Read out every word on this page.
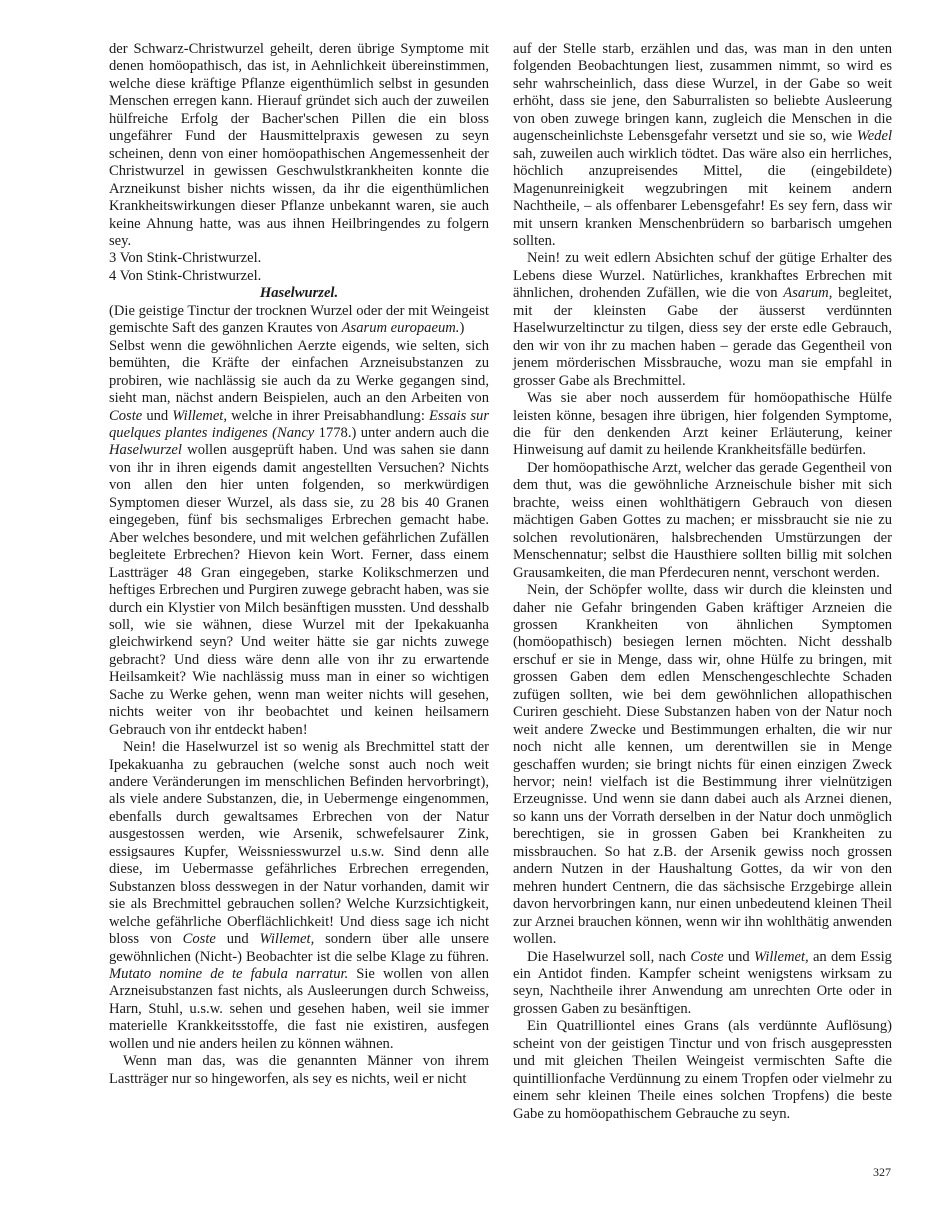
der Schwarz-Christwurzel geheilt, deren übrige Symptome mit denen homöopathisch, das ist, in Aehnlichkeit übereinstimmen, welche diese kräftige Pflanze eigenthümlich selbst in gesunden Menschen erregen kann. Hierauf gründet sich auch der zuweilen hülfreiche Erfolg der Bacher'schen Pillen die ein bloss ungefährer Fund der Hausmittelpraxis gewesen zu seyn scheinen, denn von einer homöopathischen Angemessenheit der Christwurzel in gewissen Geschwulstkrankheiten konnte die Arzneikunst bisher nichts wissen, da ihr die eigenthümlichen Krankheitswirkungen dieser Pflanze unbekannt waren, sie auch keine Ahnung hatte, was aus ihnen Heilbringendes zu folgern sey.

3 Von Stink-Christwurzel.

4 Von Stink-Christwurzel.

Haselwurzel.

(Die geistige Tinctur der trocknen Wurzel oder der mit Weingeist gemischte Saft des ganzen Krautes von Asarum europaeum.)

Selbst wenn die gewöhnlichen Aerzte eigends, wie selten, sich bemühten, die Kräfte der einfachen Arzneisubstanzen zu probiren, wie nachlässig sie auch da zu Werke gegangen sind, sieht man, nächst andern Beispielen, auch an den Arbeiten von Coste und Willemet, welche in ihrer Preisabhandlung: Essais sur quelques plantes indigenes (Nancy 1778.) unter andern auch die Haselwurzel wollen ausgeprüft haben. Und was sahen sie dann von ihr in ihren eigends damit angestellten Versuchen? Nichts von allen den hier unten folgenden, so merkwürdigen Symptomen dieser Wurzel, als dass sie, zu 28 bis 40 Granen eingegeben, fünf bis sechsmaliges Erbrechen gemacht habe. Aber welches besondere, und mit welchen gefährlichen Zufällen begleitete Erbrechen? Hievon kein Wort. Ferner, dass einem Lastträger 48 Gran eingegeben, starke Kolikschmerzen und heftiges Erbrechen und Purgiren zuwege gebracht haben, was sie durch ein Klystier von Milch besänftigen mussten. Und desshalb soll, wie sie wähnen, diese Wurzel mit der Ipekakuanha gleichwirkend seyn? Und weiter hätte sie gar nichts zuwege gebracht? Und diess wäre denn alle von ihr zu erwartende Heilsamkeit? Wie nachlässig muss man in einer so wichtigen Sache zu Werke gehen, wenn man weiter nichts will gesehen, nichts weiter von ihr beobachtet und keinen heilsamern Gebrauch von ihr entdeckt haben!

Nein! die Haselwurzel ist so wenig als Brechmittel statt der Ipekakuanha zu gebrauchen (welche sonst auch noch weit andere Veränderungen im menschlichen Befinden hervorbringt), als viele andere Substanzen, die, in Uebermenge eingenommen, ebenfalls durch gewaltsames Erbrechen von der Natur ausgestossen werden, wie Arsenik, schwefelsaurer Zink, essigsaures Kupfer, Weissniesswurzel u.s.w. Sind denn alle diese, im Uebermasse gefährliches Erbrechen erregenden, Substanzen bloss desswegen in der Natur vorhanden, damit wir sie als Brechmittel gebrauchen sollen? Welche Kurzsichtigkeit, welche gefährliche Oberflächlichkeit! Und diess sage ich nicht bloss von Coste und Willemet, sondern über alle unsere gewöhnlichen (Nicht-) Beobachter ist die selbe Klage zu führen. Mutato nomine de te fabula narratur. Sie wollen von allen Arzneisubstanzen fast nichts, als Ausleerungen durch Schweiss, Harn, Stuhl, u.s.w. sehen und gesehen haben, weil sie immer materielle Krankkeitsstoffe, die fast nie existiren, ausfegen wollen und nie anders heilen zu können wähnen.

Wenn man das, was die genannten Männer von ihrem Lastträger nur so hingeworfen, als sey es nichts, weil er nicht

auf der Stelle starb, erzählen und das, was man in den unten folgenden Beobachtungen liest, zusammen nimmt, so wird es sehr wahrscheinlich, dass diese Wurzel, in der Gabe so weit erhöht, dass sie jene, den Saburralisten so beliebte Ausleerung von oben zuwege bringen kann, zugleich die Menschen in die augenscheinlichste Lebensgefahr versetzt und sie so, wie Wedel sah, zuweilen auch wirklich tödtet. Das wäre also ein herrliches, höchlich anzupreisendes Mittel, die (eingebildete) Magenunreinigkeit wegzubringen mit keinem andern Nachtheile, – als offenbarer Lebensgefahr! Es sey fern, dass wir mit unsern kranken Menschenbrüdern so barbarisch umgehen sollten.

Nein! zu weit edlern Absichten schuf der gütige Erhalter des Lebens diese Wurzel. Natürliches, krankhaftes Erbrechen mit ähnlichen, drohenden Zufällen, wie die von Asarum, begleitet, mit der kleinsten Gabe der äusserst verdünnten Haselwurzeltinctur zu tilgen, diess sey der erste edle Gebrauch, den wir von ihr zu machen haben – gerade das Gegentheil von jenem mörderischen Missbrauche, wozu man sie empfahl in grosser Gabe als Brechmittel.

Was sie aber noch ausserdem für homöopathische Hülfe leisten könne, besagen ihre übrigen, hier folgenden Symptome, die für den denkenden Arzt keiner Erläuterung, keiner Hinweisung auf damit zu heilende Krankheitsfälle bedürfen.

Der homöopathische Arzt, welcher das gerade Gegentheil von dem thut, was die gewöhnliche Arzneischule bisher mit sich brachte, weiss einen wohlthätigern Gebrauch von diesen mächtigen Gaben Gottes zu machen; er missbraucht sie nie zu solchen revolutionären, halsbrechenden Umstürzungen der Menschennatur; selbst die Hausthiere sollten billig mit solchen Grausamkeiten, die man Pferdecuren nennt, verschont werden.

Nein, der Schöpfer wollte, dass wir durch die kleinsten und daher nie Gefahr bringenden Gaben kräftiger Arzneien die grossen Krankheiten von ähnlichen Symptomen (homöopathisch) besiegen lernen möchten. Nicht desshalb erschuf er sie in Menge, dass wir, ohne Hülfe zu bringen, mit grossen Gaben dem edlen Menschengeschlechte Schaden zufügen sollten, wie bei dem gewöhnlichen allopathischen Curiren geschieht. Diese Substanzen haben von der Natur noch weit andere Zwecke und Bestimmungen erhalten, die wir nur noch nicht alle kennen, um derentwillen sie in Menge geschaffen wurden; sie bringt nichts für einen einzigen Zweck hervor; nein! vielfach ist die Bestimmung ihrer vielnützigen Erzeugnisse. Und wenn sie dann dabei auch als Arznei dienen, so kann uns der Vorrath derselben in der Natur doch unmöglich berechtigen, sie in grossen Gaben bei Krankheiten zu missbrauchen. So hat z.B. der Arsenik gewiss noch grossen andern Nutzen in der Haushaltung Gottes, da wir von den mehren hundert Centnern, die das sächsische Erzgebirge allein davon hervorbringen kann, nur einen unbedeutend kleinen Theil zur Arznei brauchen können, wenn wir ihn wohlthätig anwenden wollen.

Die Haselwurzel soll, nach Coste und Willemet, an dem Essig ein Antidot finden. Kampfer scheint wenigstens wirksam zu seyn, Nachtheile ihrer Anwendung am unrechten Orte oder in grossen Gaben zu besänftigen.

Ein Quatrilliontel eines Grans (als verdünnte Auflösung) scheint von der geistigen Tinctur und von frisch ausgepressten und mit gleichen Theilen Weingeist vermischten Safte die quintillionfache Verdünnung zu einem Tropfen oder vielmehr zu einem sehr kleinen Theile eines solchen Tropfens) die beste Gabe zu homöopathischem Gebrauche zu seyn.

327
